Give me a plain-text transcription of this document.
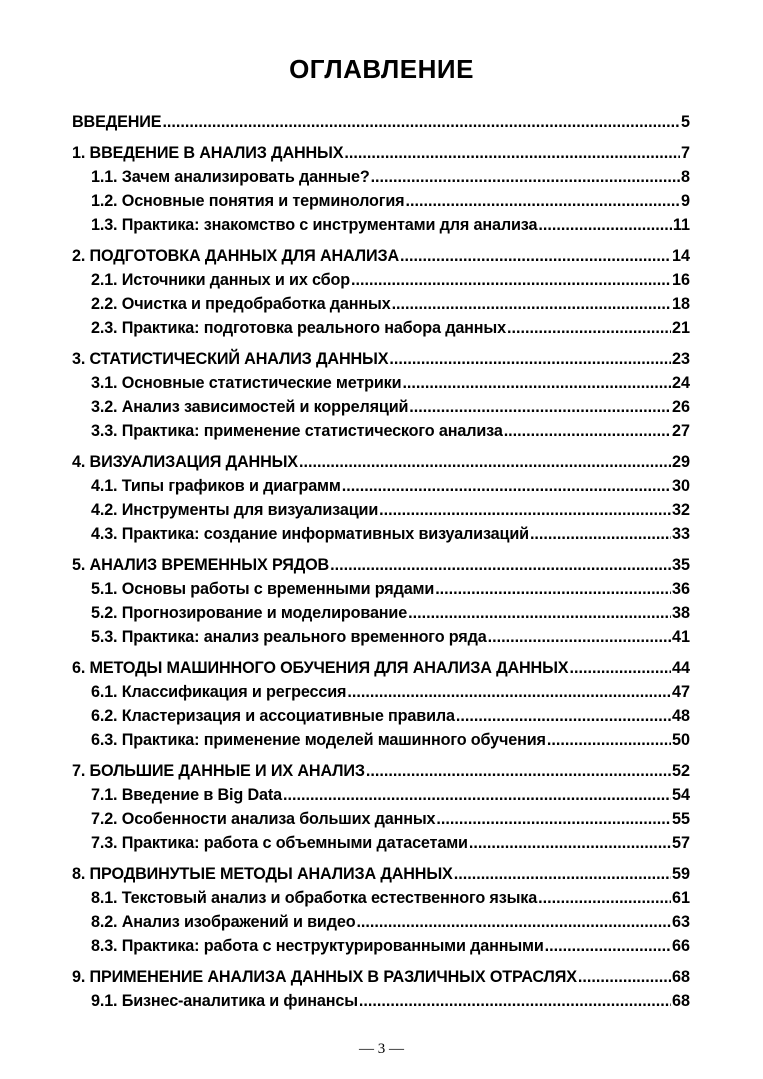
ОГЛАВЛЕНИЕ
ВВЕДЕНИЕ .....	5
1. ВВЕДЕНИЕ В АНАЛИЗ ДАННЫХ .....	7
1.1. Зачем анализировать данные? .....	8
1.2. Основные понятия и терминология .....	9
1.3. Практика: знакомство с инструментами для анализа .....	11
2. ПОДГОТОВКА ДАННЫХ ДЛЯ АНАЛИЗА .....	14
2.1. Источники данных и их сбор .....	16
2.2. Очистка и предобработка данных .....	18
2.3. Практика: подготовка реального набора данных .....	21
3. СТАТИСТИЧЕСКИЙ АНАЛИЗ ДАННЫХ .....	23
3.1. Основные статистические метрики .....	24
3.2. Анализ зависимостей и корреляций .....	26
3.3. Практика: применение статистического анализа .....	27
4. ВИЗУАЛИЗАЦИЯ ДАННЫХ .....	29
4.1. Типы графиков и диаграмм .....	30
4.2. Инструменты для визуализации .....	32
4.3. Практика: создание информативных визуализаций .....	33
5. АНАЛИЗ ВРЕМЕННЫХ РЯДОВ .....	35
5.1. Основы работы с временными рядами .....	36
5.2. Прогнозирование и моделирование .....	38
5.3. Практика: анализ реального временного ряда .....	41
6. МЕТОДЫ МАШИННОГО ОБУЧЕНИЯ ДЛЯ АНАЛИЗА ДАННЫХ .....	44
6.1. Классификация и регрессия .....	47
6.2. Кластеризация и ассоциативные правила .....	48
6.3. Практика: применение моделей машинного обучения .....	50
7. БОЛЬШИЕ ДАННЫЕ И ИХ АНАЛИЗ .....	52
7.1. Введение в Big Data .....	54
7.2. Особенности анализа больших данных .....	55
7.3. Практика: работа с объемными датасетами .....	57
8. ПРОДВИНУТЫЕ МЕТОДЫ АНАЛИЗА ДАННЫХ .....	59
8.1. Текстовый анализ и обработка естественного языка .....	61
8.2. Анализ изображений и видео .....	63
8.3. Практика: работа с неструктурированными данными .....	66
9. ПРИМЕНЕНИЕ АНАЛИЗА ДАННЫХ В РАЗЛИЧНЫХ ОТРАСЛЯХ .....	68
9.1. Бизнес-аналитика и финансы .....	68
— 3 —
